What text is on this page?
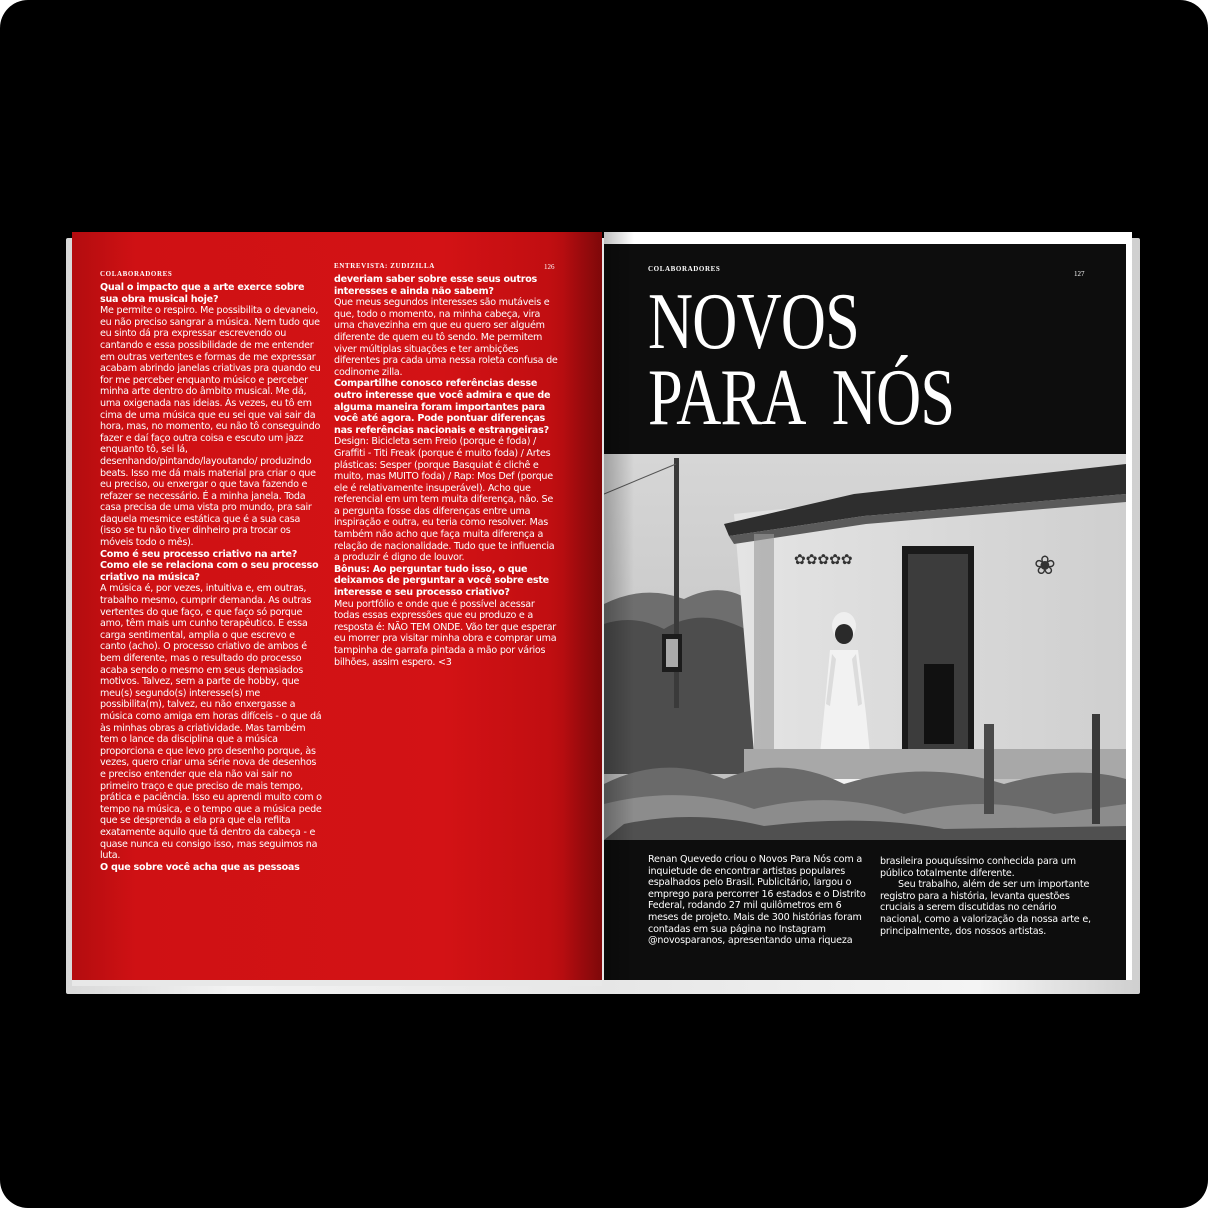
COLABORADORES
ENTREVISTA: ZUDIZILLA	126

Qual o impacto que a arte exerce sobre sua obra musical hoje?

Me permite o respiro. Me possibilita o devaneio, eu não preciso sangrar a música. Nem tudo que eu sinto dá pra expressar escrevendo ou cantando e essa possibilidade de me entender em outras vertentes e formas de me expressar acabam abrindo janelas criativas pra quando eu for me perceber enquanto músico e perceber minha arte dentro do âmbito musical. Me dá, uma oxigenada nas ideias. Às vezes, eu tô em cima de uma música que eu sei que vai sair da hora, mas, no momento, eu não tô conseguindo fazer e daí faço outra coisa e escuto um jazz enquanto tô, sei lá, desenhando/pintando/layoutando/ produzindo beats. Isso me dá mais material pra criar o que eu preciso, ou enxergar o que tava fazendo e refazer se necessário. É a minha janela. Toda casa precisa de uma vista pro mundo, pra sair daquela mesmice estática que é a sua casa (isso se tu não tiver dinheiro pra trocar os móveis todo o mês).

Como é seu processo criativo na arte? Como ele se relaciona com o seu processo criativo na música?

A música é, por vezes, intuitiva e, em outras, trabalho mesmo, cumprir demanda. As outras vertentes do que faço, e que faço só porque amo, têm mais um cunho terapêutico. E essa carga sentimental, amplia o que escrevo e canto (acho). O processo criativo de ambos é bem diferente, mas o resultado do processo acaba sendo o mesmo em seus demasiados motivos. Talvez, sem a parte de hobby, que meu(s) segundo(s) interesse(s) me possibilita(m), talvez, eu não enxergasse a música como amiga em horas difíceis - o que dá às minhas obras a criatividade. Mas também tem o lance da disciplina que a música proporciona e que levo pro desenho porque, às vezes, quero criar uma série nova de desenhos e preciso entender que ela não vai sair no primeiro traço e que preciso de mais tempo, prática e paciência. Isso eu aprendi muito com o tempo na música, e o tempo que a música pede que se desprenda a ela pra que ela reflita exatamente aquilo que tá dentro da cabeça - e quase nunca eu consigo isso, mas seguimos na luta.

O que sobre você acha que as pessoas

deveriam saber sobre esse seus outros interesses e ainda não sabem?

Que meus segundos interesses são mutáveis e que, todo o momento, na minha cabeça, vira uma chavezinha em que eu quero ser alguém diferente de quem eu tô sendo. Me permitem viver múltiplas situações e ter ambições diferentes pra cada uma nessa roleta confusa de codinome zilla.

Compartilhe conosco referências desse outro interesse que você admira e que de alguma maneira foram importantes para você até agora. Pode pontuar diferenças nas referências nacionais e estrangeiras?

Design: Bicicleta sem Freio (porque é foda) / Graffiti - Titi Freak (porque é muito foda) / Artes plásticas: Sesper (porque Basquiat é clichê e muito, mas MUITO foda) / Rap: Mos Def (porque ele é relativamente insuperável). Acho que referencial em um tem muita diferença, não. Se a pergunta fosse das diferenças entre uma inspiração e outra, eu teria como resolver. Mas também não acho que faça muita diferença a relação de nacionalidade. Tudo que te influencia a produzir é digno de louvor.

Bônus: Ao perguntar tudo isso, o que deixamos de perguntar a você sobre este interesse e seu processo criativo?

Meu portfólio e onde que é possível acessar todas essas expressões que eu produzo e a resposta é: NÃO TEM ONDE. Vão ter que esperar eu morrer pra visitar minha obra e comprar uma tampinha de garrafa pintada a mão por vários bilhões, assim espero. <3

COLABORADORES
127
NOVOS
PARA  NÓS
✿✿✿✿✿	❀

Renan Quevedo criou o Novos Para Nós com a inquietude de encontrar artistas populares espalhados pelo Brasil. Publicitário, largou o emprego para percorrer 16 estados e o Distrito Federal, rodando 27 mil quilômetros em 6 meses de projeto. Mais de 300 histórias foram contadas em sua página no Instagram @novosparanos, apresentando uma riqueza

brasileira pouquíssimo conhecida para um público totalmente diferente.

Seu trabalho, além de ser um importante registro para a história, levanta questões cruciais a serem discutidas no cenário nacional, como a valorização da nossa arte e, principalmente, dos nossos artistas.
